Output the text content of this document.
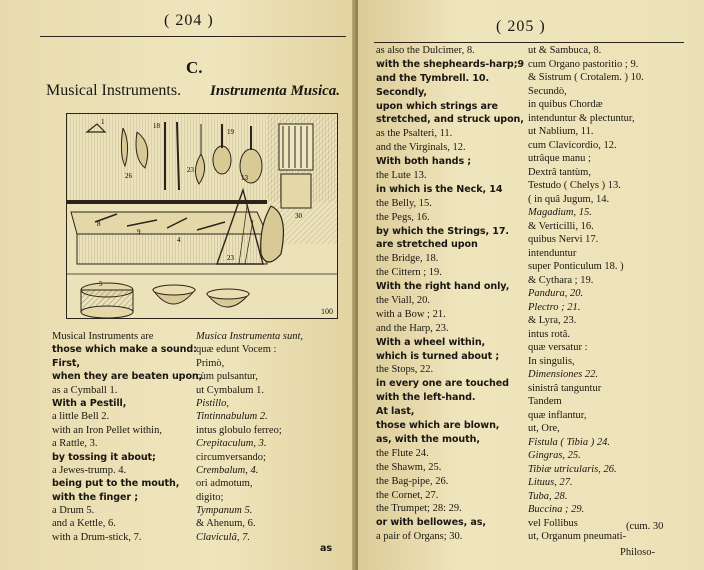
( 204 )
C.
Musical Instruments. Instrumenta Musica.
1
26
18
23
19
13
30
8
9
4
5
23
100
Musical Instruments are
those which make a sound:
First,
when they are beaten upon,
as a Cymball 1.
With a Pestill,
a little Bell 2.
with an Iron Pellet within,
a Rattle, 3.
by tossing it about;
a Jewes-trump. 4.
being put to the mouth,
with the finger ;
a Drum 5.
and a Kettle, 6.
with a Drum-stick, 7.
Musica Instrumenta sunt,
quæ edunt Vocem :
Primò,
cùm pulsantur,
ut Cymbalum 1.
Pistillo,
Tintinnabulum 2.
intus globulo ferreo;
Crepitaculum, 3.
circumversando;
Crembalum, 4.
ori admotum,
digito;
Tympanum 5.
& Ahenum, 6.
Claviculâ, 7.
as
( 205 )
as also the Dulcimer, 8.
with the shepheards-harp;9
and the Tymbrell. 10.
Secondly,
upon which strings are
stretched, and struck upon,
as the Psalteri, 11.
and the Virginals, 12.
With both hands ;
the Lute 13.
in which is the Neck, 14
the Belly, 15.
the Pegs, 16.
by which the Strings, 17.
are stretched upon
the Bridge, 18.
the Cittern ; 19.
With the right hand only,
the Viall, 20.
with a Bow ; 21.
and the Harp, 23.
With a wheel within,
which is turned about ;
the Stops, 22.
in every one are touched
with the left-hand.
At last,
those which are blown,
as, with the mouth,
the Flute 24.
the Shawm, 25.
the Bag-pipe, 26.
the Cornet, 27.
the Trumpet; 28: 29.
or with bellowes, as,
a pair of Organs; 30.
ut & Sambuca, 8.
cum Organo pastoritio ; 9.
& Sistrum ( Crotalem. ) 10.
Secundò,
in quibus Chordæ
intenduntur & plectuntur,
ut Nablium, 11.
cum Clavicordio, 12.
utrâque manu ;
Dextrâ tantùm,
Testudo ( Chelys ) 13.
( in quâ Jugum, 14.
Magadium, 15.
& Verticilli, 16.
quibus Nervi 17.
intenduntur
super Ponticulum 18. )
& Cythara ; 19.
Pandura, 20.
Plectro ; 21.
& Lyra, 23.
intus rotâ.
quæ versatur :
In singulis,
Dimensiones 22.
sinistrâ tanguntur
Tandem
quæ inflantur,
ut, Ore,
Fistula ( Tibia ) 24.
Gingras, 25.
Tibiæ utricularis, 26.
Lituus, 27.
Tuba, 28.
Buccina ; 29.
vel Follibus
ut, Organum pneumati-
(cum. 30
Philoso-
